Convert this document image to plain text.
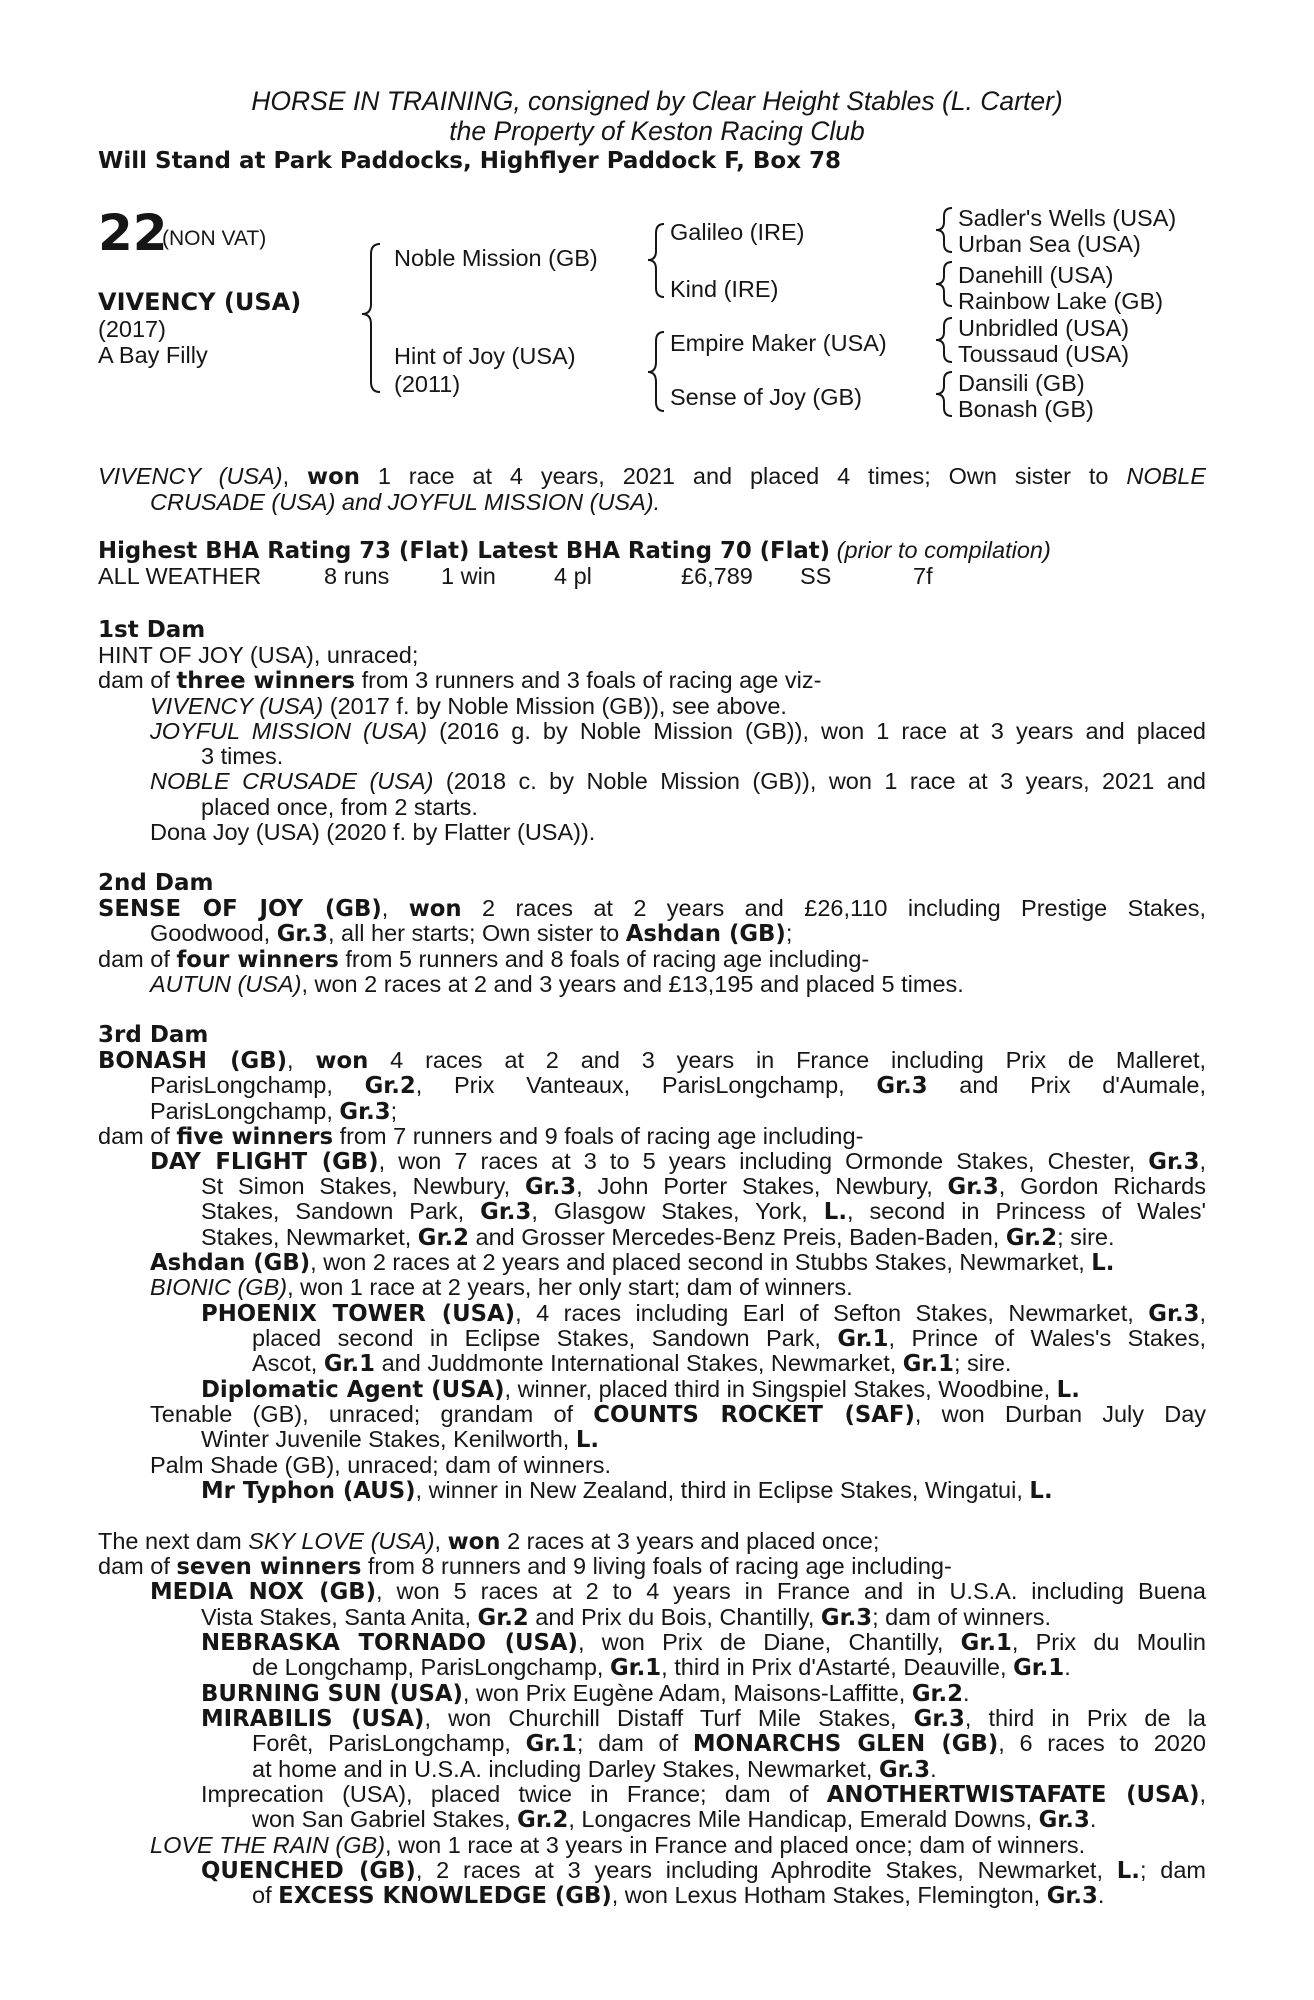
HORSE IN TRAINING, consigned by Clear Height Stables (L. Carter)
the Property of Keston Racing Club
Will Stand at Park Paddocks, Highflyer Paddock F, Box 78
22
(NON VAT)
VIVENCY (USA)
(2017)
A Bay Filly
Noble Mission (GB)
Hint of Joy (USA)
(2011)
Galileo (IRE)
Kind (IRE)
Empire Maker (USA)
Sense of Joy (GB)
Sadler's Wells (USA)
Urban Sea (USA)
Danehill (USA)
Rainbow Lake (GB)
Unbridled (USA)
Toussaud (USA)
Dansili (GB)
Bonash (GB)
VIVENCY (USA), won 1 race at 4 years, 2021 and placed 4 times; Own sister to NOBLE
CRUSADE (USA) and JOYFUL MISSION (USA).
Highest BHA Rating 73 (Flat) Latest BHA Rating 70 (Flat) (prior to compilation)
ALL WEATHER	8 runs 1 win 4 pl	£6,789 SS	7f
1st Dam
HINT OF JOY (USA), unraced;
dam of three winners from 3 runners and 3 foals of racing age viz-
VIVENCY (USA) (2017 f. by Noble Mission (GB)), see above.
JOYFUL MISSION (USA) (2016 g. by Noble Mission (GB)), won 1 race at 3 years and placed
3 times.
NOBLE CRUSADE (USA) (2018 c. by Noble Mission (GB)), won 1 race at 3 years, 2021 and
placed once, from 2 starts.
Dona Joy (USA) (2020 f. by Flatter (USA)).
2nd Dam
SENSE OF JOY (GB), won 2 races at 2 years and £26,110 including Prestige Stakes,
Goodwood, Gr.3, all her starts; Own sister to Ashdan (GB);
dam of four winners from 5 runners and 8 foals of racing age including-
AUTUN (USA), won 2 races at 2 and 3 years and £13,195 and placed 5 times.
3rd Dam
BONASH (GB), won 4 races at 2 and 3 years in France including Prix de Malleret,
ParisLongchamp, Gr.2, Prix Vanteaux, ParisLongchamp, Gr.3 and Prix d'Aumale,
ParisLongchamp, Gr.3;
dam of five winners from 7 runners and 9 foals of racing age including-
DAY FLIGHT (GB), won 7 races at 3 to 5 years including Ormonde Stakes, Chester, Gr.3,
St Simon Stakes, Newbury, Gr.3, John Porter Stakes, Newbury, Gr.3, Gordon Richards
Stakes, Sandown Park, Gr.3, Glasgow Stakes, York, L., second in Princess of Wales'
Stakes, Newmarket, Gr.2 and Grosser Mercedes-Benz Preis, Baden-Baden, Gr.2; sire.
Ashdan (GB), won 2 races at 2 years and placed second in Stubbs Stakes, Newmarket, L.
BIONIC (GB), won 1 race at 2 years, her only start; dam of winners.
PHOENIX TOWER (USA), 4 races including Earl of Sefton Stakes, Newmarket, Gr.3,
placed second in Eclipse Stakes, Sandown Park, Gr.1, Prince of Wales's Stakes,
Ascot, Gr.1 and Juddmonte International Stakes, Newmarket, Gr.1; sire.
Diplomatic Agent (USA), winner, placed third in Singspiel Stakes, Woodbine, L.
Tenable (GB), unraced; grandam of COUNTS ROCKET (SAF), won Durban July Day
Winter Juvenile Stakes, Kenilworth, L.
Palm Shade (GB), unraced; dam of winners.
Mr Typhon (AUS), winner in New Zealand, third in Eclipse Stakes, Wingatui, L.
The next dam SKY LOVE (USA), won 2 races at 3 years and placed once;
dam of seven winners from 8 runners and 9 living foals of racing age including-
MEDIA NOX (GB), won 5 races at 2 to 4 years in France and in U.S.A. including Buena
Vista Stakes, Santa Anita, Gr.2 and Prix du Bois, Chantilly, Gr.3; dam of winners.
NEBRASKA TORNADO (USA), won Prix de Diane, Chantilly, Gr.1, Prix du Moulin
de Longchamp, ParisLongchamp, Gr.1, third in Prix d'Astarté, Deauville, Gr.1.
BURNING SUN (USA), won Prix Eugène Adam, Maisons-Laffitte, Gr.2.
MIRABILIS (USA), won Churchill Distaff Turf Mile Stakes, Gr.3, third in Prix de la
Forêt, ParisLongchamp, Gr.1; dam of MONARCHS GLEN (GB), 6 races to 2020
at home and in U.S.A. including Darley Stakes, Newmarket, Gr.3.
Imprecation (USA), placed twice in France; dam of ANOTHERTWISTAFATE (USA),
won San Gabriel Stakes, Gr.2, Longacres Mile Handicap, Emerald Downs, Gr.3.
LOVE THE RAIN (GB), won 1 race at 3 years in France and placed once; dam of winners.
QUENCHED (GB), 2 races at 3 years including Aphrodite Stakes, Newmarket, L.; dam
of EXCESS KNOWLEDGE (GB), won Lexus Hotham Stakes, Flemington, Gr.3.
